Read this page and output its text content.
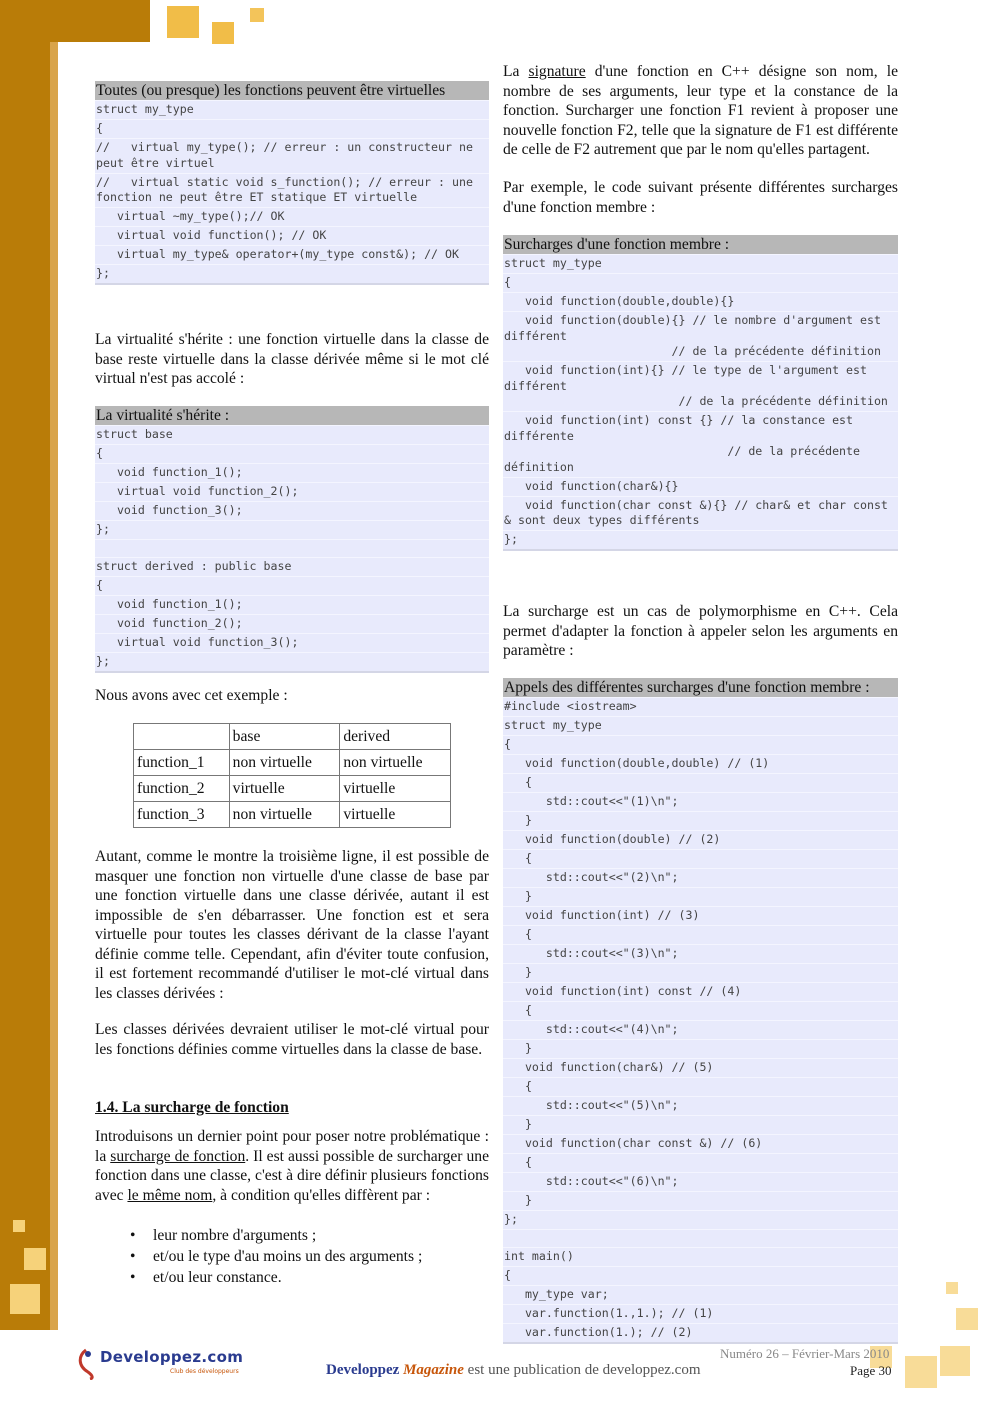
Toutes (ou presque) les fonctions peuvent être virtuelles
struct my_type
{
//   virtual my_type(); // erreur : un constructeur ne peut être virtuel
//   virtual static void s_function(); // erreur : une fonction ne peut être ET statique ET virtuelle
virtual ~my_type();// OK
virtual void function(); // OK
virtual my_type& operator+(my_type const&); // OK
};
La virtualité s'hérite : une fonction virtuelle dans la classe de base reste virtuelle dans la classe dérivée même si le mot clé virtual n'est pas accolé :
La virtualité s'hérite :
struct base
{
void function_1();
virtual void function_2();
void function_3();
};
struct derived : public base
{
void function_1();
void function_2();
virtual void function_3();
};
Nous avons avec cet exemple :
	base	derived
function_1	non virtuelle	non virtuelle
function_2	virtuelle	virtuelle
function_3	non virtuelle	virtuelle
Autant, comme le montre la troisième ligne, il est possible de masquer une fonction non virtuelle d'une classe de base par une fonction virtuelle dans une classe dérivée, autant il est impossible de s'en débarrasser. Une fonction est et sera virtuelle pour toutes les classes dérivant de la classe l'ayant définie comme telle. Cependant, afin d'éviter toute confusion, il est fortement recommandé d'utiliser le mot-clé virtual dans les classes dérivées :
Les classes dérivées devraient utiliser le mot-clé virtual pour les fonctions définies comme virtuelles dans la classe de base.
1.4. La surcharge de fonction
Introduisons un dernier point pour poser notre problématique : la surcharge de fonction. Il est aussi possible de surcharger une fonction dans une classe, c'est à dire définir plusieurs fonctions avec le même nom, à condition qu'elles diffèrent par :
• leur nombre d'arguments ;
• et/ou le type d'au moins un des arguments ;
• et/ou leur constance.
La signature d'une fonction en C++ désigne son nom, le nombre de ses arguments, leur type et la constance de la fonction. Surcharger une fonction F1 revient à proposer une nouvelle fonction F2, telle que la signature de F1 est différente de celle de F2 autrement que par le nom qu'elles partagent.
Par exemple, le code suivant présente différentes surcharges d'une fonction membre :
Surcharges d'une fonction membre :
struct my_type
{
void function(double,double){}
void function(double){} // le nombre d'argument est différent
// de la précédente définition
void function(int){} // le type de l'argument est différent
// de la précédente définition
void function(int) const {} // la constance est différente
// de la précédente définition
void function(char&){}
void function(char const &){} // char& et char const & sont deux types différents
};
La surcharge est un cas de polymorphisme en C++. Cela permet d'adapter la fonction à appeler selon les arguments en paramètre :
Appels des différentes surcharges d'une fonction membre :
#include <iostream>
struct my_type
{
void function(double,double) // (1)
{
std::cout<<"(1)\n";
}
void function(double) // (2)
{
std::cout<<"(2)\n";
}
void function(int) // (3)
{
std::cout<<"(3)\n";
}
void function(int) const // (4)
{
std::cout<<"(4)\n";
}
void function(char&) // (5)
{
std::cout<<"(5)\n";
}
void function(char const &) // (6)
{
std::cout<<"(6)\n";
}
};
int main()
{
my_type var;
var.function(1.,1.); // (1)
var.function(1.); // (2)
Developpez.com
Club des développeurs	Developpez Magazine est une publication de developpez.com
Numéro 26 – Février-Mars 2010
Page 30
